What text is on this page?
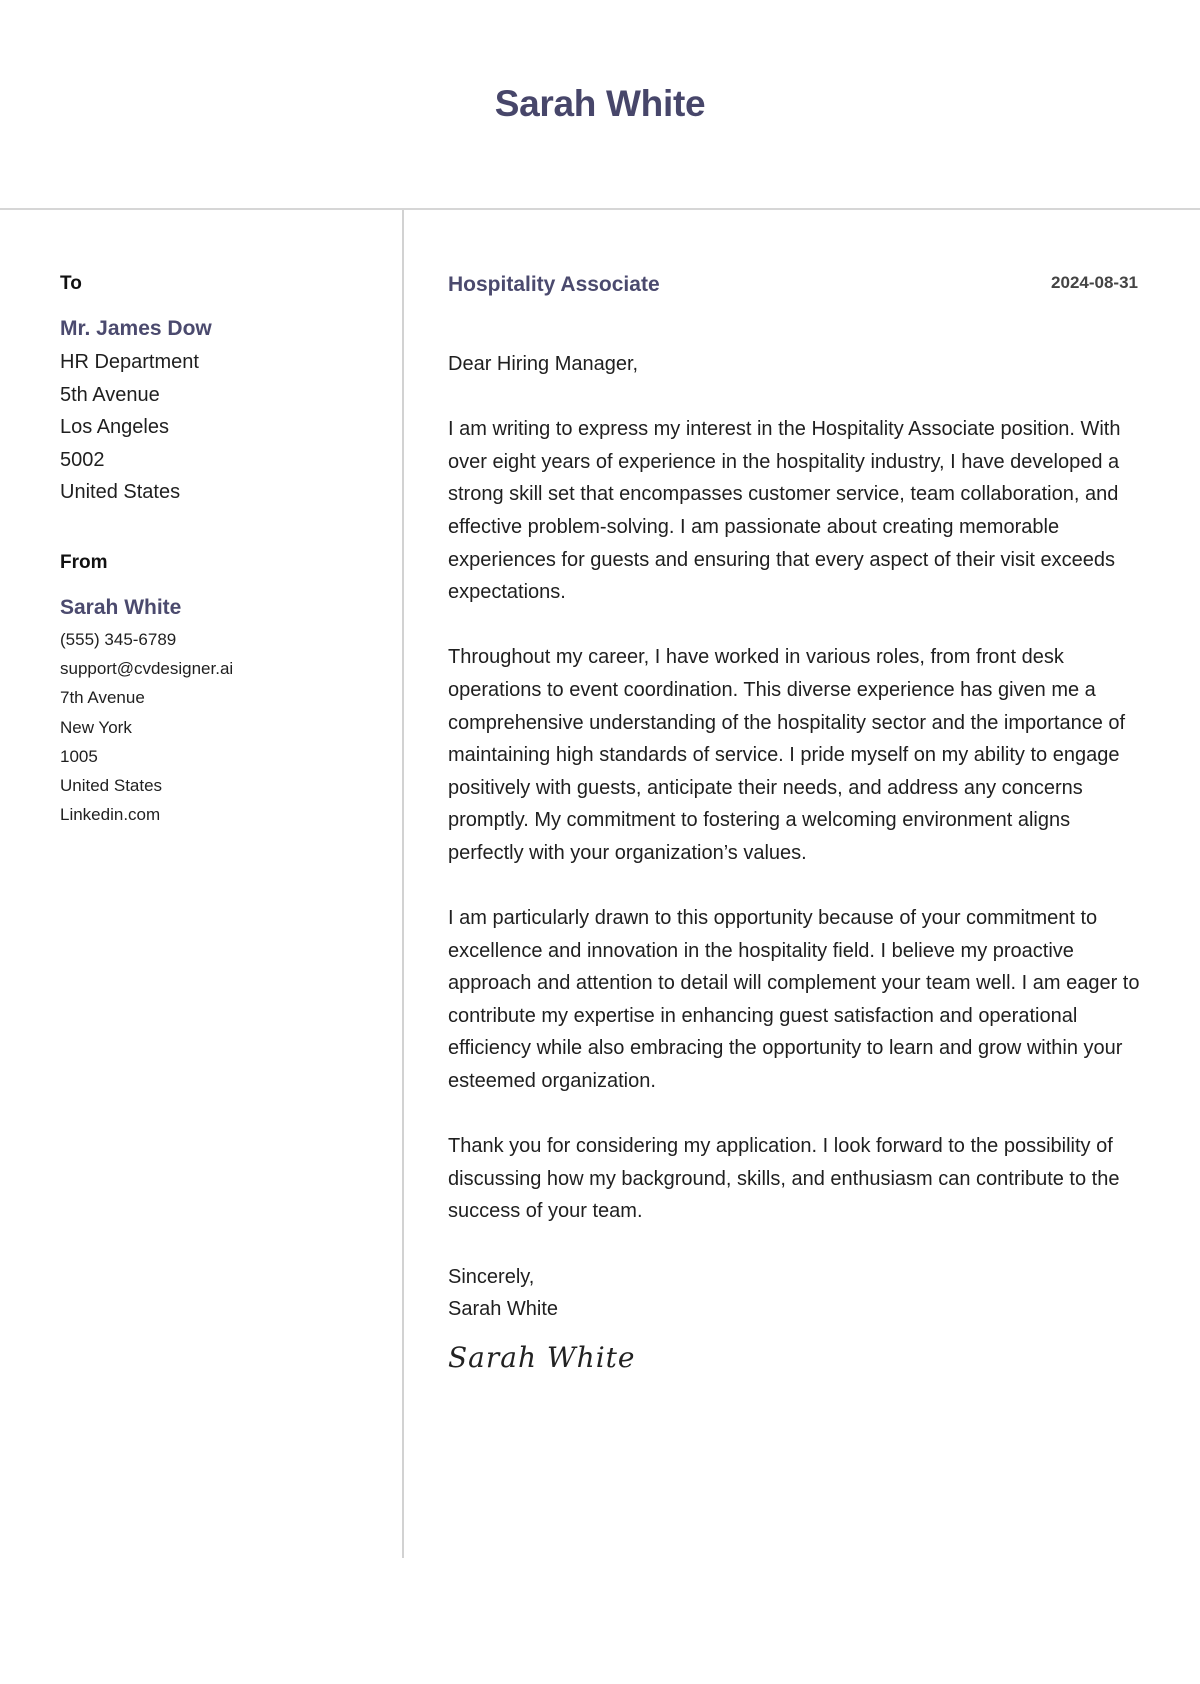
Sarah White
To
Mr. James Dow

HR Department

5th Avenue

Los Angeles

5002

United States

From
Sarah White

(555) 345-6789

support@cvdesigner.ai

7th Avenue

New York

1005

United States

Linkedin.com

Hospitality Associate	2024-08-31

Dear Hiring Manager,

I am writing to express my interest in the Hospitality Associate position. With over eight years of experience in the hospitality industry, I have developed a strong skill set that encompasses customer service, team collaboration, and effective problem-solving. I am passionate about creating memorable experiences for guests and ensuring that every aspect of their visit exceeds expectations.

Throughout my career, I have worked in various roles, from front desk operations to event coordination. This diverse experience has given me a comprehensive understanding of the hospitality sector and the importance of maintaining high standards of service. I pride myself on my ability to engage positively with guests, anticipate their needs, and address any concerns promptly. My commitment to fostering a welcoming environment aligns perfectly with your organization’s values.

I am particularly drawn to this opportunity because of your commitment to excellence and innovation in the hospitality field. I believe my proactive approach and attention to detail will complement your team well. I am eager to contribute my expertise in enhancing guest satisfaction and operational efficiency while also embracing the opportunity to learn and grow within your esteemed organization.

Thank you for considering my application. I look forward to the possibility of discussing how my background, skills, and enthusiasm can contribute to the success of your team.

Sincerely,

Sarah White

Sarah White
